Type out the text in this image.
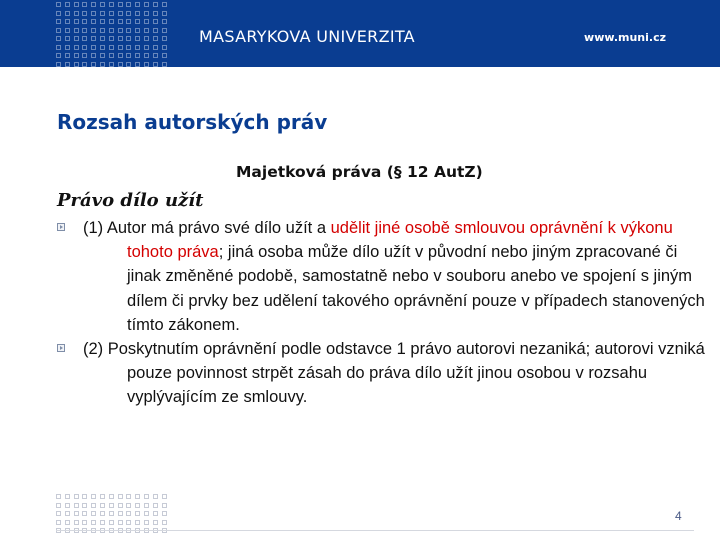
MASARYKOVA UNIVERZITA	www.muni.cz
Rozsah autorských práv
Majetková práva (§ 12 AutZ)
Právo dílo užít
(1) Autor má právo své dílo užít a udělit jiné osobě smlouvou oprávnění k výkonu tohoto práva; jiná osoba může dílo užít v původní nebo jiným zpracované či jinak změněné podobě, samostatně nebo v souboru anebo ve spojení s jiným dílem či prvky bez udělení takového oprávnění pouze v případech stanovených tímto zákonem.
(2) Poskytnutím oprávnění podle odstavce 1 právo autorovi nezaniká; autorovi vzniká pouze povinnost strpět zásah do práva dílo užít jinou osobou v rozsahu vyplývajícím ze smlouvy.
4
